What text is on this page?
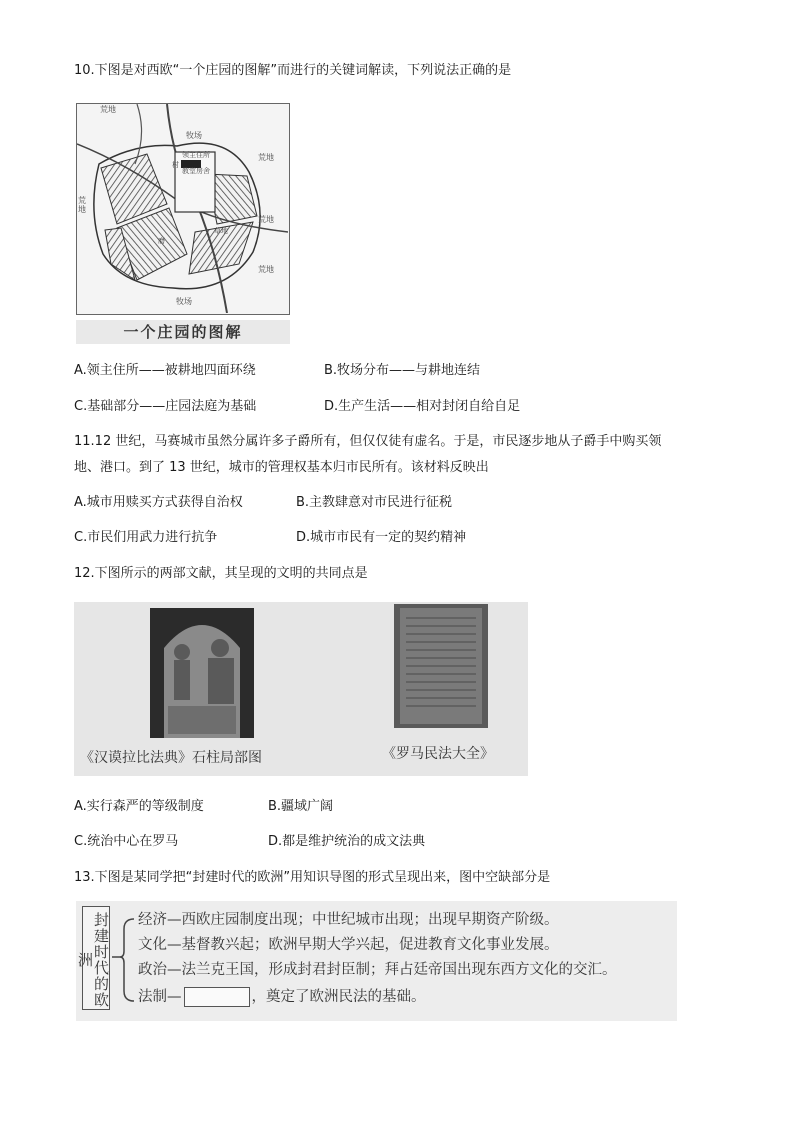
10.下图是对西欧“一个庄园的图解”而进行的关键词解读，下列说法正确的是
荒地
牧场
荒地
荒地
领主住所
教堂房舍
村
磨
草地
荒地
荒地
牧场
一个庄园的图解
A.领主住所——被耕地四面环绕	B.牧场分布——与耕地连结
C.基础部分——庄园法庭为基础	D.生产生活——相对封闭自给自足
11.12 世纪，马赛城市虽然分属许多子爵所有，但仅仅徒有虚名。于是，市民逐步地从子爵手中购买领
地、港口。到了 13 世纪，城市的管理权基本归市民所有。该材料反映出
A.城市用赎买方式获得自治权	B.主教肆意对市民进行征税
C.市民们用武力进行抗争	D.城市市民有一定的契约精神
12.下图所示的两部文献，其呈现的文明的共同点是
《汉谟拉比法典》石柱局部图	《罗马民法大全》
A.实行森严的等级制度	B.疆域广阔
C.统治中心在罗马	D.都是维护统治的成文法典
13.下图是某同学把“封建时代的欧洲”用知识导图的形式呈现出来，图中空缺部分是
封建时代的欧洲
经济—西欧庄园制度出现；中世纪城市出现；出现早期资产阶级。
文化—基督教兴起；欧洲早期大学兴起，促进教育文化事业发展。
政治—法兰克王国，形成封君封臣制；拜占廷帝国出现东西方文化的交汇。
法制—	，奠定了欧洲民法的基础。
